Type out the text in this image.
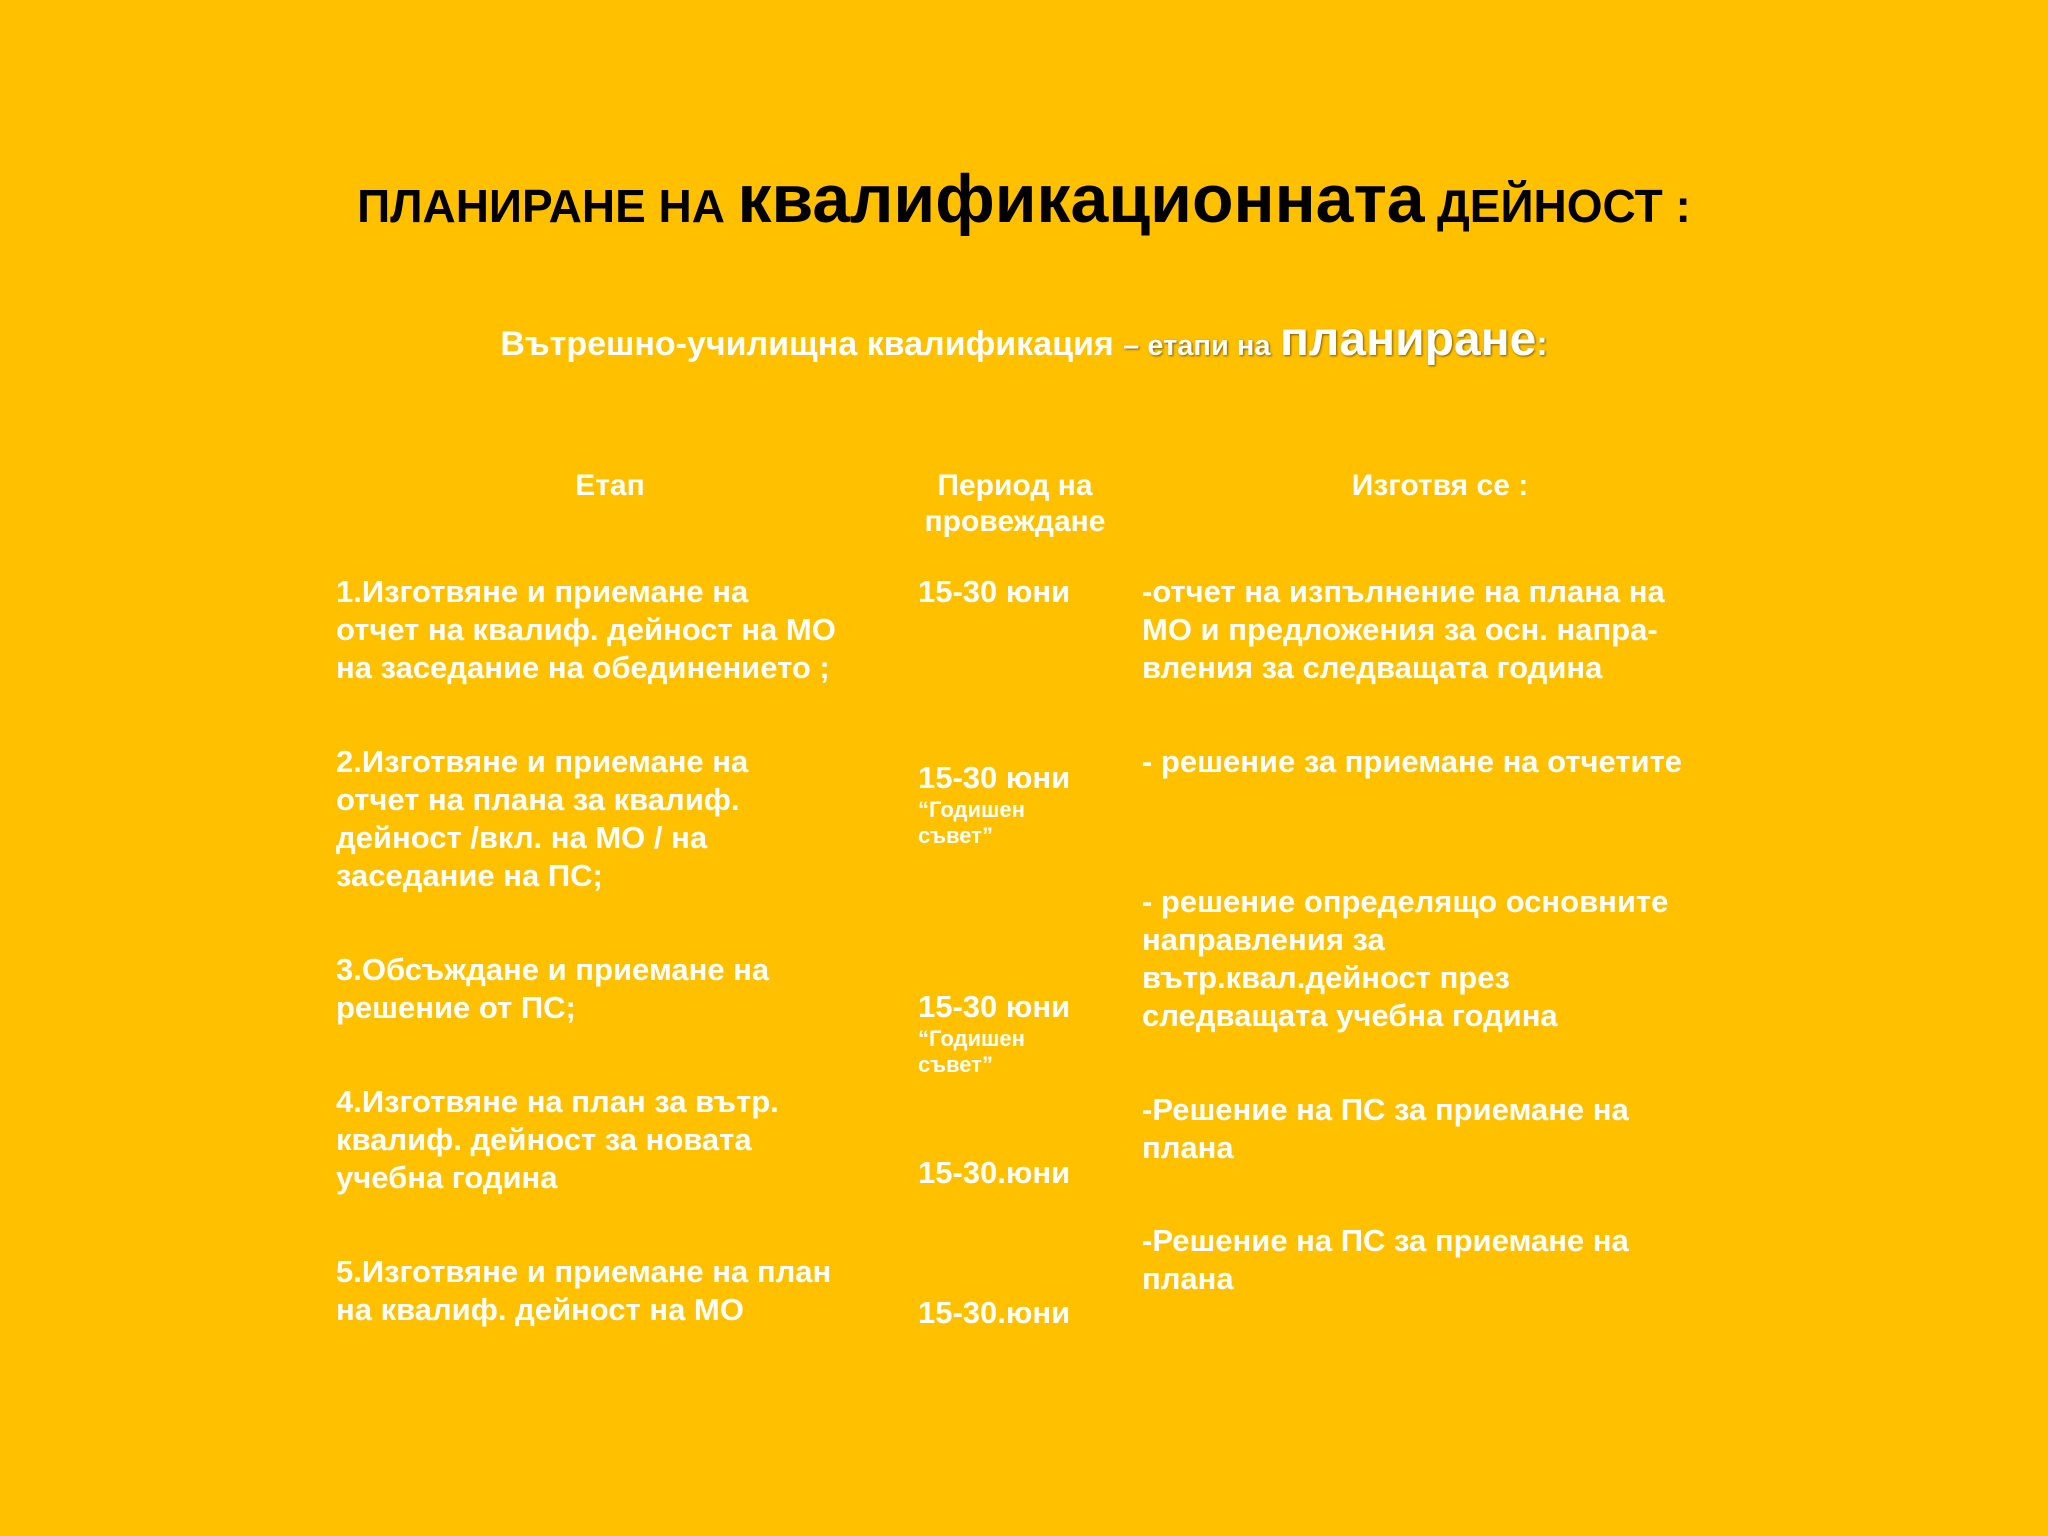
ПЛАНИРАНЕ НА квалификационната ДЕЙНОСТ :
Вътрешно-училищна квалификация – етапи на планиране:
Етап	Период на
провеждане
Изготвя се :
1.Изготвяне и приемане на
отчет на квалиф. дейност на МО
на заседание на обединението ;
2.Изготвяне и приемане на
отчет на плана за квалиф.
дейност /вкл. на МО / на
заседание на ПС;
3.Обсъждане и приемане на
решение от ПС;
4.Изготвяне на план за вътр.
квалиф. дейност за новата
учебна година
5.Изготвяне и приемане на план
на квалиф. дейност на МО
15-30 юни
15-30 юни
“Годишен
съвет”
15-30 юни
“Годишен
съвет”
15-30.юни
15-30.юни
-отчет на изпълнение на плана на
МО и предложения за осн. напра-
вления за следващата година
- решение за приемане на отчетите
- решение определящо основните
направления за
вътр.квал.дейност през
следващата учебна година
-Решение на ПС за приемане на
плана
-Решение на ПС за приемане на
плана
